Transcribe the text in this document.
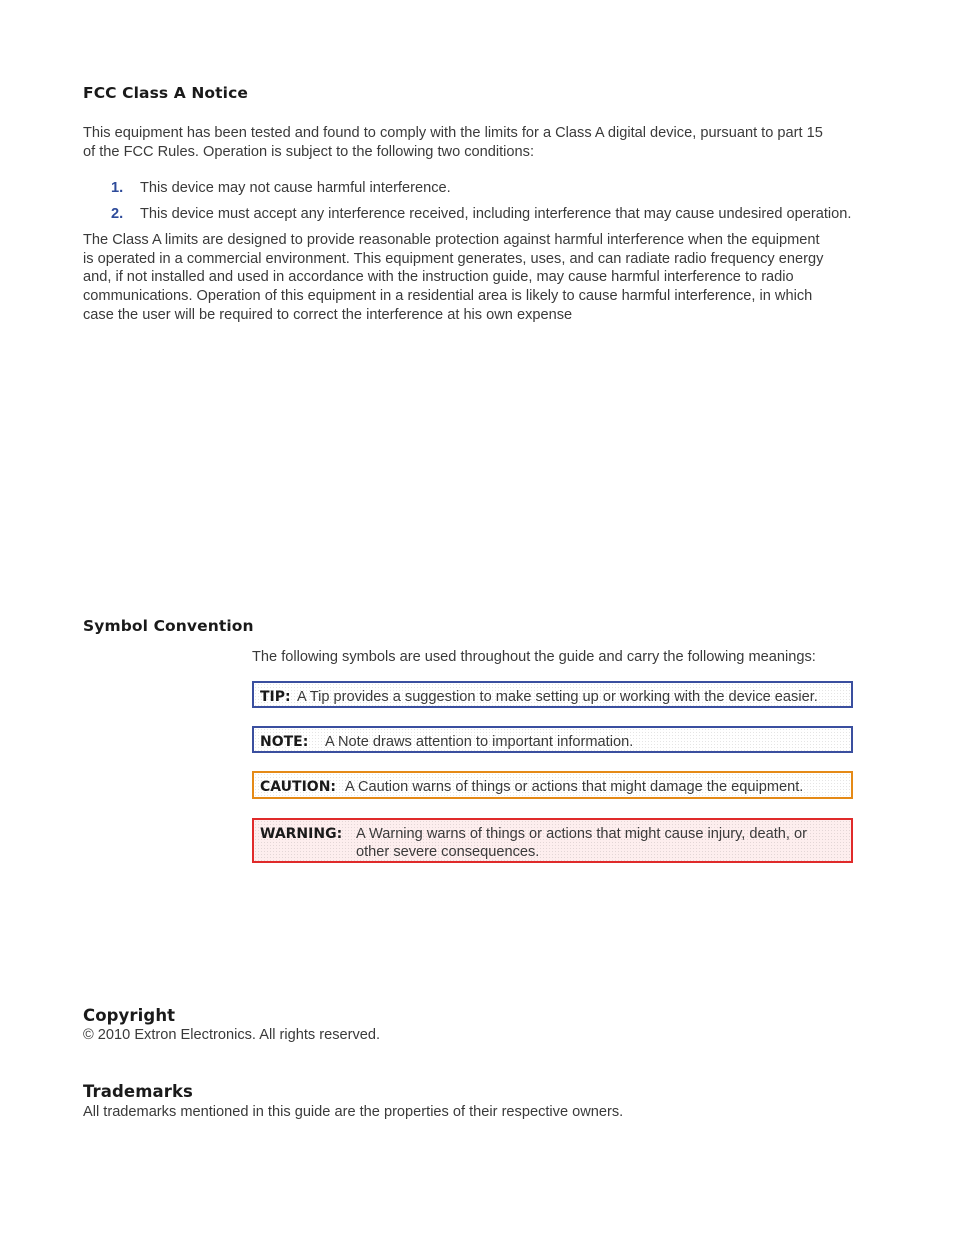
FCC Class A Notice

This equipment has been tested and found to comply with the limits for a Class A digital device, pursuant to part 15

of the FCC Rules. Operation is subject to the following two conditions:

1. This device may not cause harmful interference.
2. This device must accept any interference received, including interference that may cause undesired operation.

The Class A limits are designed to provide reasonable protection against harmful interference when the equipment

is operated in a commercial environment. This equipment generates, uses, and can radiate radio frequency energy

and, if not installed and used in accordance with the instruction guide, may cause harmful interference to radio

communications. Operation of this equipment in a residential area is likely to cause harmful interference, in which

case the user will be required to correct the interference at his own expense

Symbol Convention

The following symbols are used throughout the guide and carry the following meanings:

TIP: A Tip provides a suggestion to make setting up or working with the device easier.
NOTE: A Note draws attention to important information.
CAUTION: A Caution warns of things or actions that might damage the equipment.
WARNING: A Warning warns of things or actions that might cause injury, death, or
other severe consequences.
Copyright

© 2010 Extron Electronics. All rights reserved.

Trademarks

All trademarks mentioned in this guide are the properties of their respective owners.
